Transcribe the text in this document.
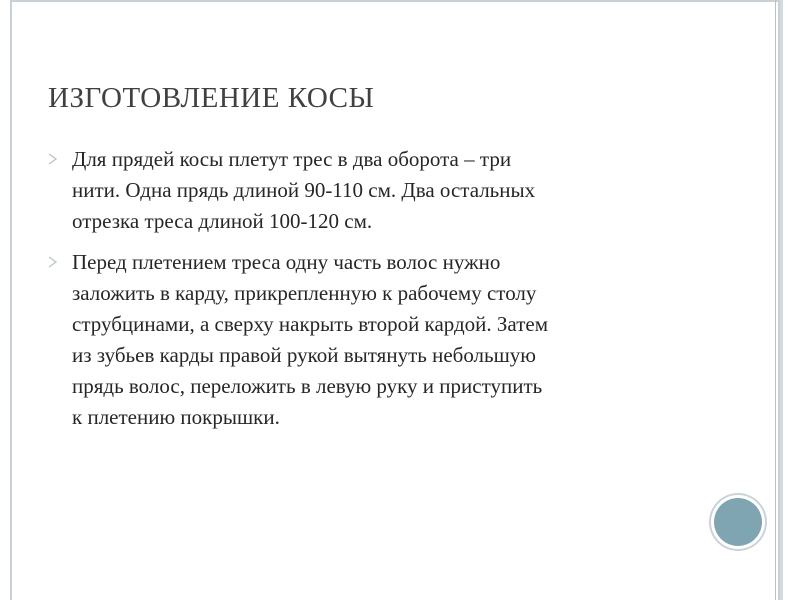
ИЗГОТОВЛЕНИЕ КОСЫ
Для прядей косы плетут трес в два оборота – три
нити. Одна прядь длиной 90-110 см. Два остальных
отрезка треса длиной 100-120 см.
Перед плетением треса одну часть волос нужно
заложить в карду, прикрепленную к рабочему столу
струбцинами, а сверху накрыть второй кардой. Затем
из зубьев карды правой рукой вытянуть небольшую
прядь волос, переложить в левую руку и приступить
к плетению покрышки.
